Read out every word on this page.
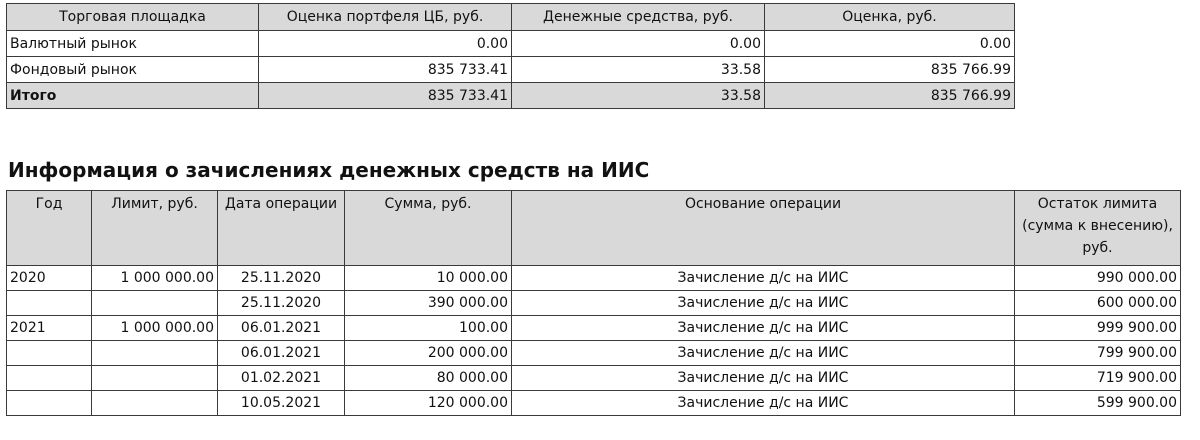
Торговая площадка	Оценка портфеля ЦБ, руб.	Денежные средства, руб.	Оценка, руб.
Валютный рынок	0.00	0.00	0.00
Фондовый рынок	835 733.41	33.58	835 766.99
Итого	835 733.41	33.58	835 766.99
Информация о зачислениях денежных средств на ИИС
Год	Лимит, руб.	Дата операции	Сумма, руб.	Основание операции	Остаток лимита (сумма к внесению), руб.
2020	1 000 000.00	25.11.2020	10 000.00	Зачисление д/с на ИИС	990 000.00
		25.11.2020	390 000.00	Зачисление д/с на ИИС	600 000.00
2021	1 000 000.00	06.01.2021	100.00	Зачисление д/с на ИИС	999 900.00
		06.01.2021	200 000.00	Зачисление д/с на ИИС	799 900.00
		01.02.2021	80 000.00	Зачисление д/с на ИИС	719 900.00
		10.05.2021	120 000.00	Зачисление д/с на ИИС	599 900.00
